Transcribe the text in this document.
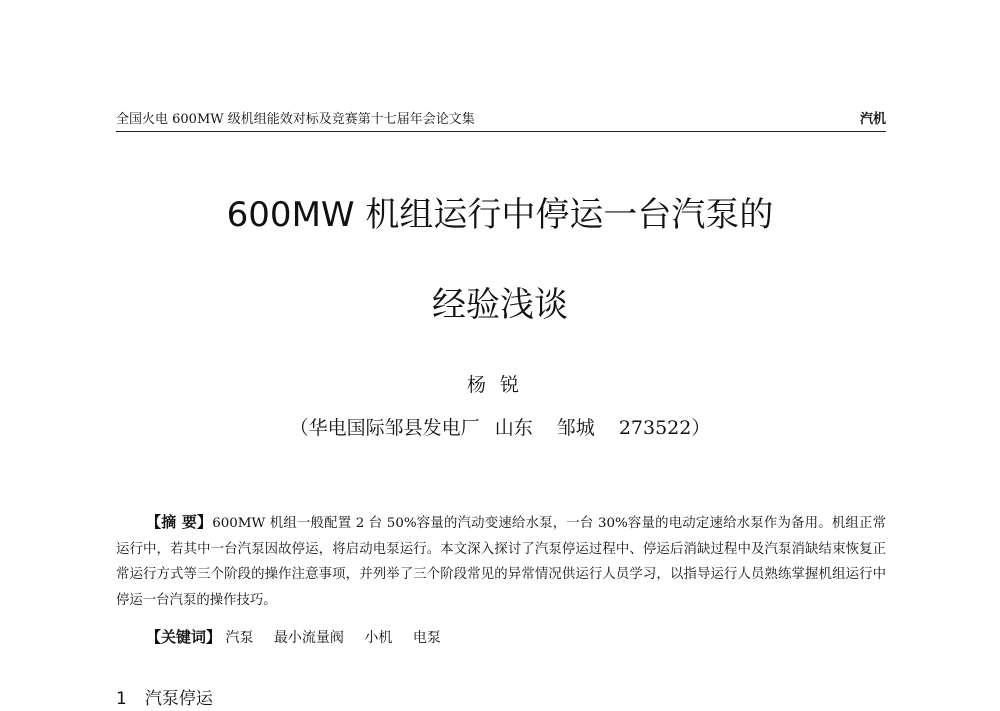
全国火电 600MW 级机组能效对标及竞赛第十七届年会论文集	汽机
600MW 机组运行中停运一台汽泵的
经验浅谈
杨锐
（华电国际邹县发电厂 山东 邹城 273522）
【摘 要】600MW 机组一般配置 2 台 50%容量的汽动变速给水泵，一台 30%容量的电动定速给水泵作为备用。机组正常运行中，若其中一台汽泵因故停运，将启动电泵运行。本文深入探讨了汽泵停运过程中、停运后消缺过程中及汽泵消缺结束恢复正常运行方式等三个阶段的操作注意事项，并列举了三个阶段常见的异常情况供运行人员学习，以指导运行人员熟练掌握机组运行中停运一台汽泵的操作技巧。
【关键词】 汽泵 最小流量阀 小机 电泵
1 汽泵停运
